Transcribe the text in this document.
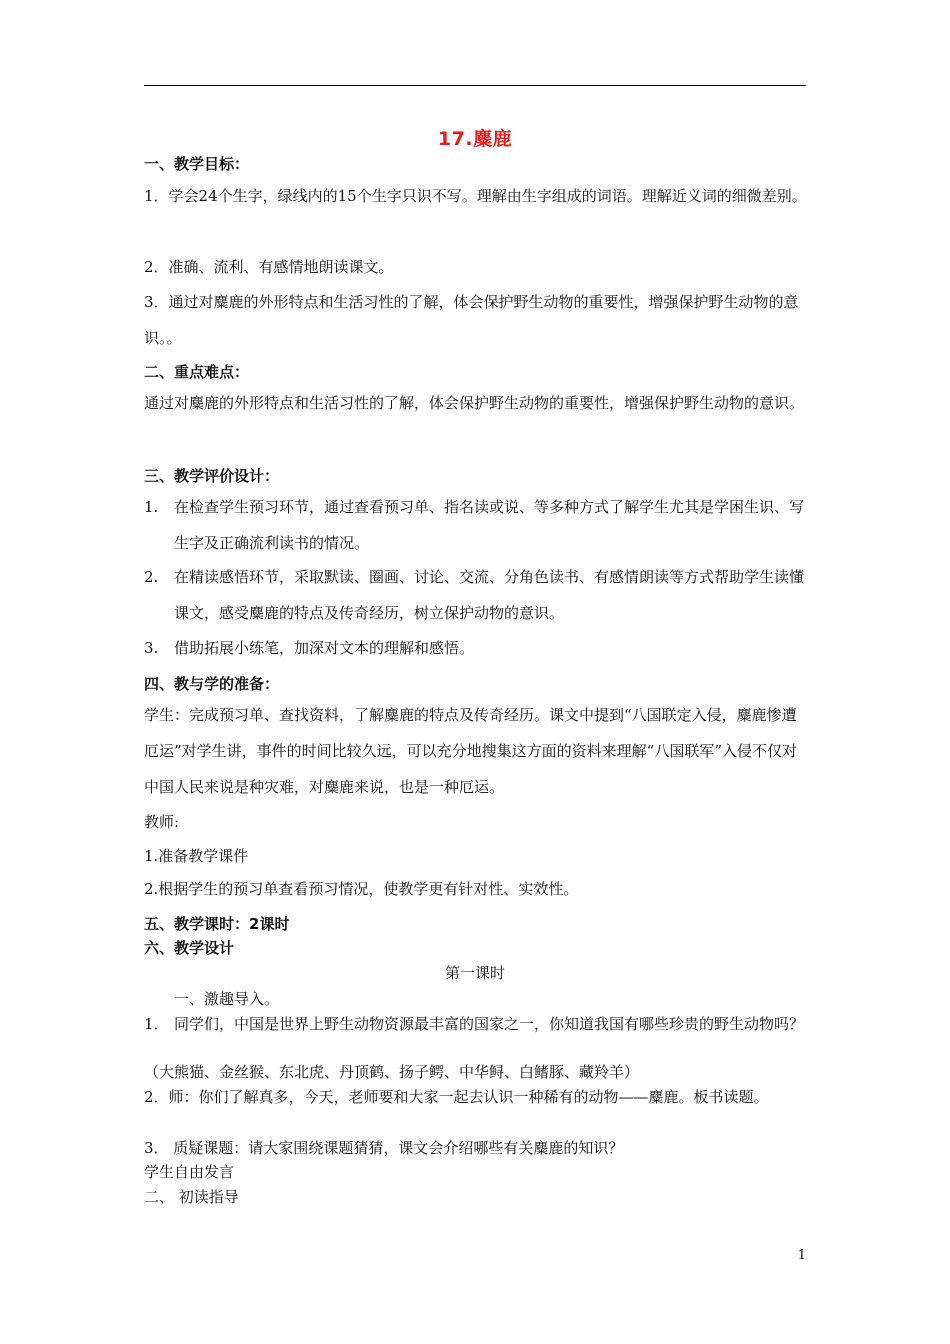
17.麋鹿
一、教学目标：
1．学会24个生字，绿线内的15个生字只识不写。理解由生字组成的词语。理解近义词的细微差别。
2．准确、流利、有感情地朗读课文。
3．通过对麋鹿的外形特点和生活习性的了解，体会保护野生动物的重要性，增强保护野生动物的意识。。
二、重点难点：
通过对麋鹿的外形特点和生活习性的了解，体会保护野生动物的重要性，增强保护野生动物的意识。
三、教学评价设计：
1. 在检查学生预习环节，通过查看预习单、指名读或说、等多种方式了解学生尤其是学困生识、写生字及正确流利读书的情况。
2. 在精读感悟环节，采取默读、圈画、讨论、交流、分角色读书、有感情朗读等方式帮助学生读懂课文，感受麋鹿的特点及传奇经历，树立保护动物的意识。
3. 借助拓展小练笔，加深对文本的理解和感悟。
四、教与学的准备：
学生：完成预习单、查找资料，了解麋鹿的特点及传奇经历。课文中提到“八国联定入侵，麋鹿惨遭厄运”对学生讲，事件的时间比较久远，可以充分地搜集这方面的资料来理解“八国联军”入侵不仅对中国人民来说是种灾难，对麋鹿来说，也是一种厄运。
教师:
1.准备教学课件
2.根据学生的预习单查看预习情况，使教学更有针对性、实效性。
五、教学课时：2课时
六、教学设计
第一课时
一、激趣导入。
1． 同学们，中国是世界上野生动物资源最丰富的国家之一，你知道我国有哪些珍贵的野生动物吗？
（大熊猫、金丝猴、东北虎、丹顶鹤、扬子鳄、中华鲟、白鳍豚、藏羚羊）
2．师：你们了解真多，今天，老师要和大家一起去认识一种稀有的动物——麋鹿。板书读题。
3． 质疑课题：请大家围绕课题猜猜，课文会介绍哪些有关麋鹿的知识？
学生自由发言
二、 初读指导
1
